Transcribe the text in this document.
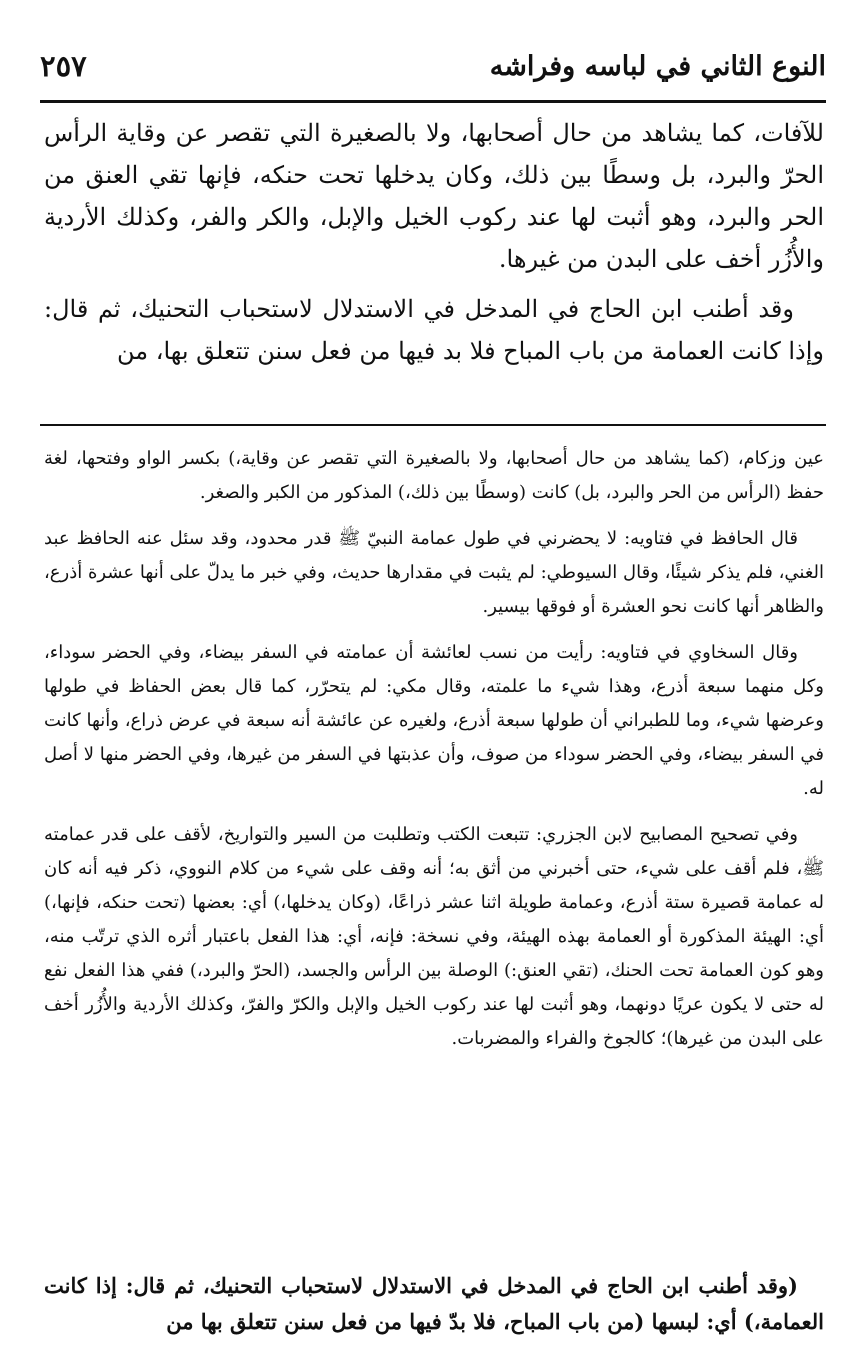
النوع الثاني في لباسه وفراشه
٢٥٧

للآفات، كما يشاهد من حال أصحابها، ولا بالصغيرة التي تقصر عن وقاية الرأس الحرّ والبرد، بل وسطًا بين ذلك، وكان يدخلها تحت حنكه، فإنها تقي العنق من الحر والبرد، وهو أثبت لها عند ركوب الخيل والإبل، والكر والفر، وكذلك الأردية والأُزُر أخف على البدن من غيرها.

وقد أطنب ابن الحاج في المدخل في الاستدلال لاستحباب التحنيك، ثم قال: وإذا كانت العمامة من باب المباح فلا بد فيها من فعل سنن تتعلق بها، من

عين وزكام، (كما يشاهد من حال أصحابها، ولا بالصغيرة التي تقصر عن وقاية،) بكسر الواو وفتحها، لغة حفظ (الرأس من الحر والبرد، بل) كانت (وسطًا بين ذلك،) المذكور من الكبر والصغر.

قال الحافظ في فتاويه: لا يحضرني في طول عمامة النبيّ ﷺ قدر محدود، وقد سئل عنه الحافظ عبد الغني، فلم يذكر شيئًا، وقال السيوطي: لم يثبت في مقدارها حديث، وفي خبر ما يدلّ على أنها عشرة أذرع، والظاهر أنها كانت نحو العشرة أو فوقها بيسير.

وقال السخاوي في فتاويه: رأيت من نسب لعائشة أن عمامته في السفر بيضاء، وفي الحضر سوداء، وكل منهما سبعة أذرع، وهذا شيء ما علمته، وقال مكي: لم يتحرّر، كما قال بعض الحفاظ في طولها وعرضها شيء، وما للطبراني أن طولها سبعة أذرع، ولغيره عن عائشة أنه سبعة في عرض ذراع، وأنها كانت في السفر بيضاء، وفي الحضر سوداء من صوف، وأن عذبتها في السفر من غيرها، وفي الحضر منها لا أصل له.

وفي تصحيح المصابيح لابن الجزري: تتبعت الكتب وتطلبت من السير والتواريخ، لأقف على قدر عمامته ﷺ، فلم أقف على شيء، حتى أخبرني من أثق به؛ أنه وقف على شيء من كلام النووي، ذكر فيه أنه كان له عمامة قصيرة ستة أذرع، وعمامة طويلة اثنا عشر ذراعًا، (وكان يدخلها،) أي: بعضها (تحت حنكه، فإنها،) أي: الهيئة المذكورة أو العمامة بهذه الهيئة، وفي نسخة: فإنه، أي: هذا الفعل باعتبار أثره الذي ترتّب منه، وهو كون العمامة تحت الحنك، (تقي العنق:) الوصلة بين الرأس والجسد، (الحرّ والبرد،) ففي هذا الفعل نفع له حتى لا يكون عريًا دونهما، وهو أثبت لها عند ركوب الخيل والإبل والكرّ والفرّ، وكذلك الأردية والأُزُر أخف على البدن من غيرها)؛ كالجوخ والفراء والمضربات.

(وقد أطنب ابن الحاج في المدخل في الاستدلال لاستحباب التحنيك، ثم قال: إذا كانت العمامة،) أي: لبسها (من باب المباح، فلا بدّ فيها من فعل سنن تتعلق بها من
